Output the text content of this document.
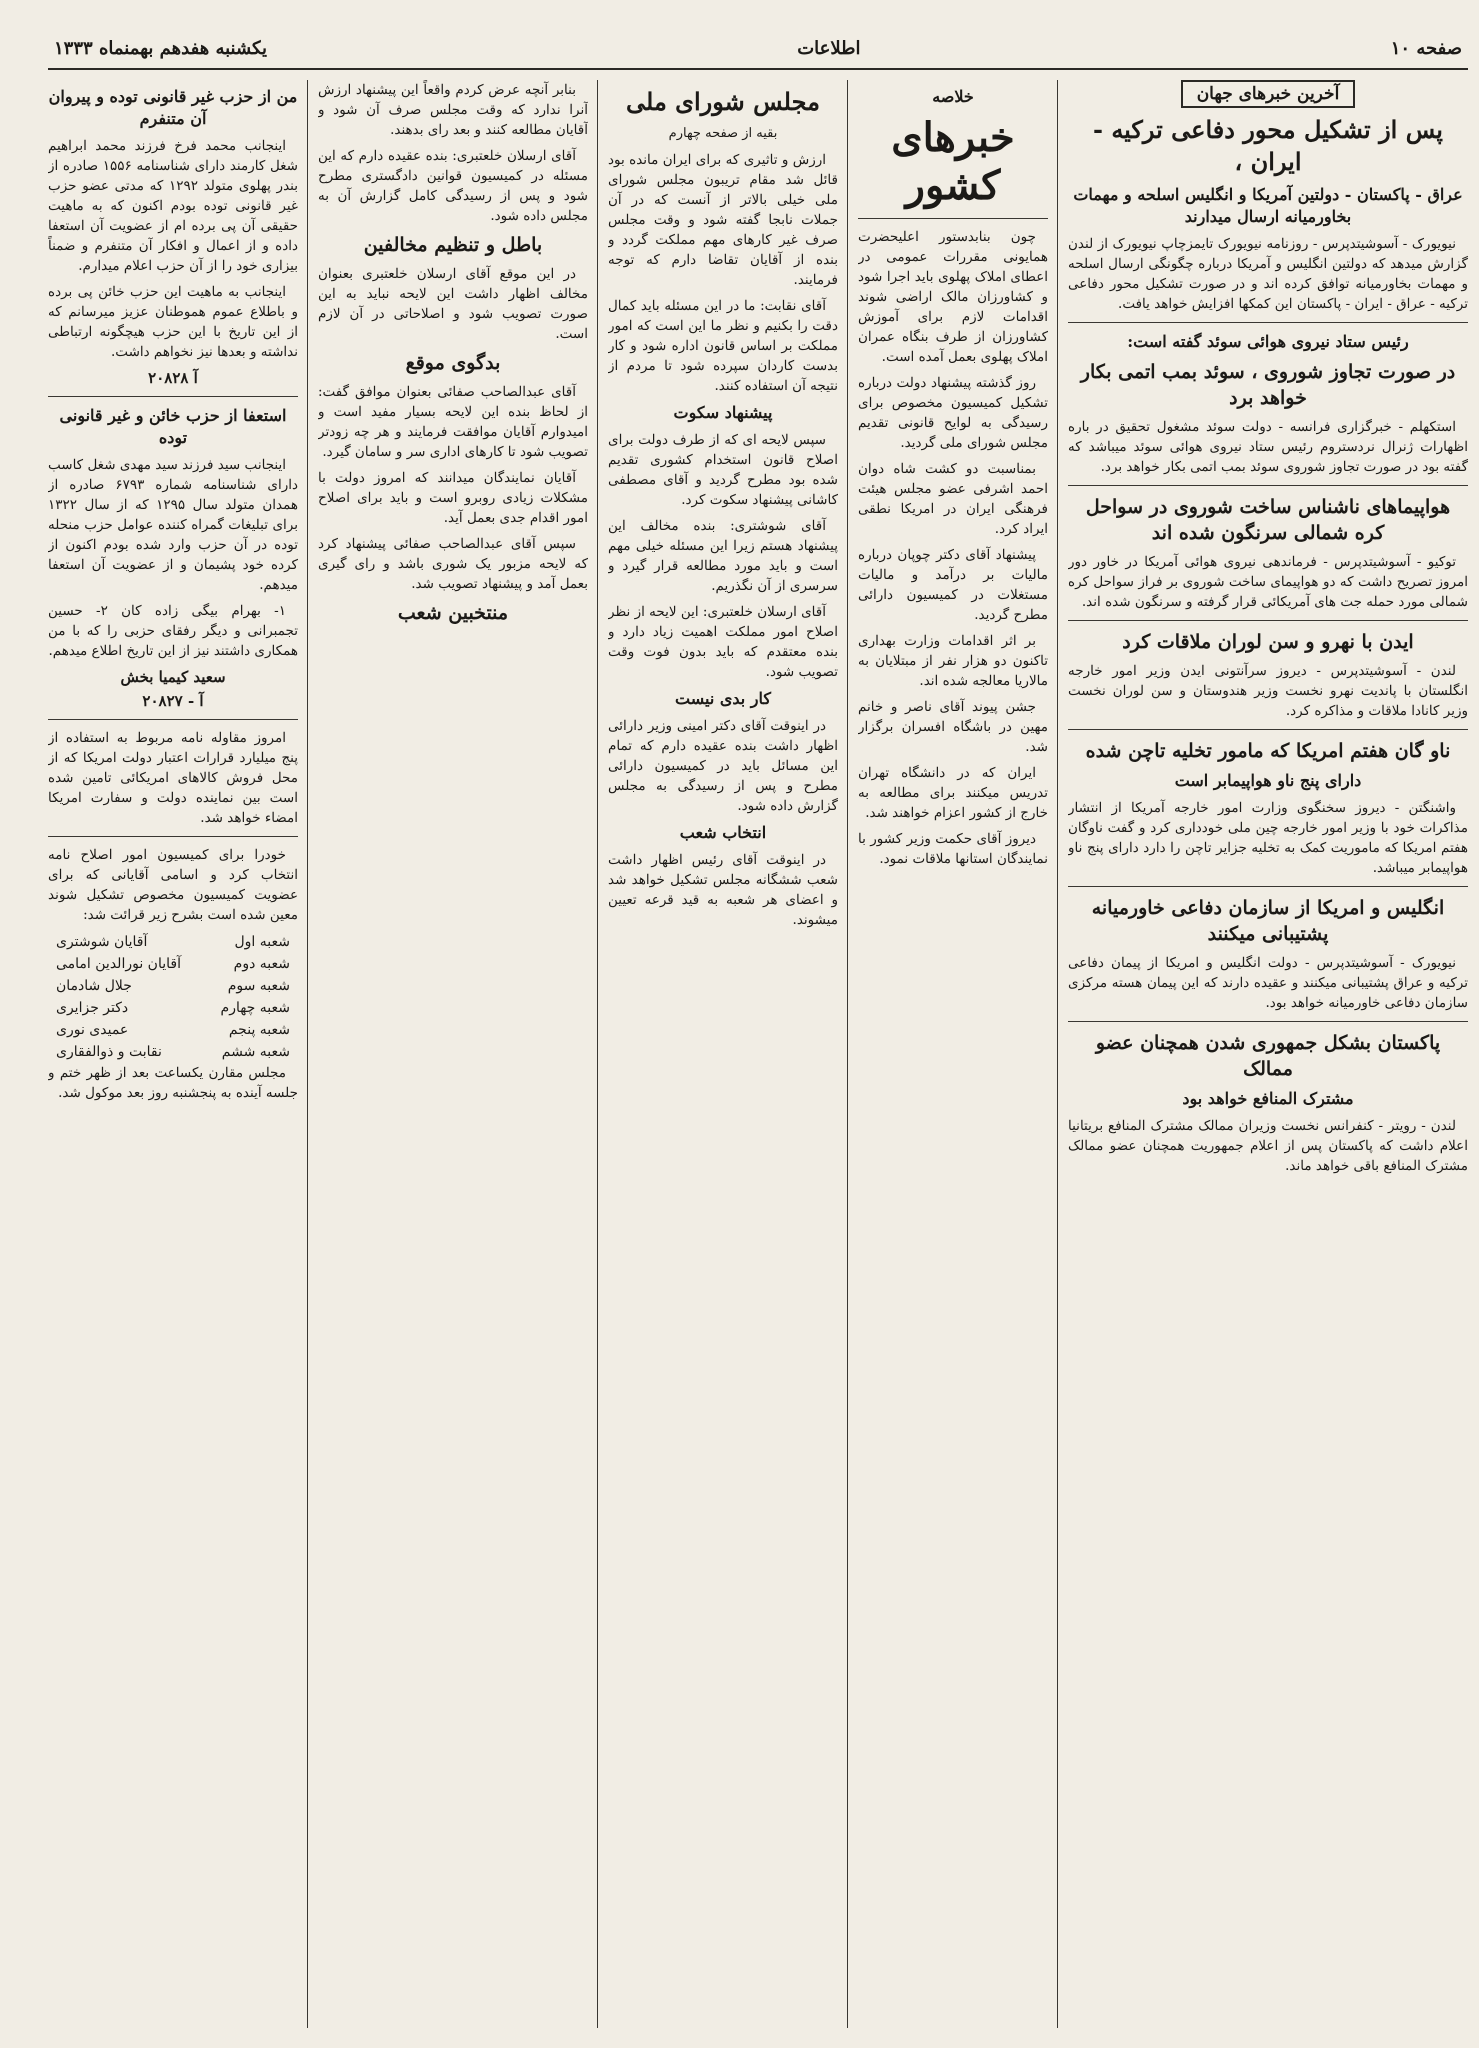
صفحه ۱۰
اطلاعات
یکشنبه هفدهم بهمنماه ۱۳۳۳
آخرین خبرهای جهان
پس از تشکیل محور دفاعی ترکیه - ایران ،
عراق - پاکستان - دولتین آمریکا و انگلیس اسلحه و مهمات بخاورمیانه ارسال میدارند

نیویورک - آسوشیتدپرس - روزنامه نیویورک تایمزچاپ نیویورک از لندن گزارش میدهد که دولتین انگلیس و آمریکا درباره چگونگی ارسال اسلحه و مهمات بخاورمیانه توافق کرده اند و در صورت تشکیل محور دفاعی ترکیه - عراق - ایران - پاکستان این کمکها افزایش خواهد یافت.

رئیس ستاد نیروی هوائی سوئد گفته است:
در صورت تجاوز شوروی ، سوئد بمب اتمی بکار خواهد برد

استکهلم - خبرگزاری فرانسه - دولت سوئد مشغول تحقیق در باره اظهارات ژنرال نردستروم رئیس ستاد نیروی هوائی سوئد میباشد که گفته بود در صورت تجاوز شوروی سوئد بمب اتمی بکار خواهد برد.

هواپیماهای ناشناس ساخت شوروی در سواحل کره شمالی سرنگون شده اند

توکیو - آسوشیتدپرس - فرماندهی نیروی هوائی آمریکا در خاور دور امروز تصریح داشت که دو هواپیمای ساخت شوروی بر فراز سواحل کره شمالی مورد حمله جت های آمریکائی قرار گرفته و سرنگون شده اند.

ایدن با نهرو و سن لوران ملاقات کرد

لندن - آسوشیتدپرس - دیروز سرآنتونی ایدن وزیر امور خارجه انگلستان با پاندیت نهرو نخست وزیر هندوستان و سن لوران نخست وزیر کانادا ملاقات و مذاکره کرد.

ناو گان هفتم امریکا که مامور تخلیه تاچن شده
دارای پنج ناو هواپیمابر است

واشنگتن - دیروز سخنگوی وزارت امور خارجه آمریکا از انتشار مذاکرات خود با وزیر امور خارجه چین ملی خودداری کرد و گفت ناوگان هفتم امریکا که ماموریت کمک به تخلیه جزایر تاچن را دارد دارای پنج ناو هواپیمابر میباشد.

انگلیس و امریکا از سازمان دفاعی خاورمیانه پشتیبانی میکنند

نیویورک - آسوشیتدپرس - دولت انگلیس و امریکا از پیمان دفاعی ترکیه و عراق پشتیبانی میکنند و عقیده دارند که این پیمان هسته مرکزی سازمان دفاعی خاورمیانه خواهد بود.

پاکستان بشکل جمهوری شدن همچنان عضو ممالک
مشترک المنافع خواهد بود

لندن - رویتر - کنفرانس نخست وزیران ممالک مشترک المنافع بریتانیا اعلام داشت که پاکستان پس از اعلام جمهوریت همچنان عضو ممالک مشترک المنافع باقی خواهد ماند.

خلاصه
خبرهای کشور

چون بنابدستور اعلیحضرت همایونی مقررات عمومی در اعطای املاک پهلوی باید اجرا شود و کشاورزان مالک اراضی شوند اقدامات لازم برای آموزش کشاورزان از طرف بنگاه عمران املاک پهلوی بعمل آمده است.

روز گذشته پیشنهاد دولت درباره تشکیل کمیسیون مخصوص برای رسیدگی به لوایح قانونی تقدیم مجلس شورای ملی گردید.

بمناسبت دو کشت شاه دوان احمد اشرفی عضو مجلس هیئت فرهنگی ایران در امریکا نطقی ایراد کرد.

پیشنهاد آقای دکتر چوپان درباره مالیات بر درآمد و مالیات مستغلات در کمیسیون دارائی مطرح گردید.

بر اثر اقدامات وزارت بهداری تاکنون دو هزار نفر از مبتلایان به مالاریا معالجه شده اند.

جشن پیوند آقای ناصر و خانم مهین در باشگاه افسران برگزار شد.

ایران که در دانشگاه تهران تدریس میکنند برای مطالعه به خارج از کشور اعزام خواهند شد.

دیروز آقای حکمت وزیر کشور با نمایندگان استانها ملاقات نمود.

مجلس شورای ملی
بقیه از صفحه چهارم

ارزش و تاثیری که برای ایران مانده بود قائل شد مقام تریبون مجلس شورای ملی خیلی بالاتر از آنست که در آن جملات نابجا گفته شود و وقت مجلس صرف غیر کارهای مهم مملکت گردد و بنده از آقایان تقاضا دارم که توجه فرمایند.

آقای نقابت: ما در این مسئله باید کمال دقت را بکنیم و نظر ما این است که امور مملکت بر اساس قانون اداره شود و کار بدست کاردان سپرده شود تا مردم از نتیجه آن استفاده کنند.

پیشنهاد سکوت

سپس لایحه ای که از طرف دولت برای اصلاح قانون استخدام کشوری تقدیم شده بود مطرح گردید و آقای مصطفی کاشانی پیشنهاد سکوت کرد.

آقای شوشتری: بنده مخالف این پیشنهاد هستم زیرا این مسئله خیلی مهم است و باید مورد مطالعه قرار گیرد و سرسری از آن نگذریم.

آقای ارسلان خلعتبری: این لایحه از نظر اصلاح امور مملکت اهمیت زیاد دارد و بنده معتقدم که باید بدون فوت وقت تصویب شود.

کار بدی نیست

در اینوقت آقای دکتر امینی وزیر دارائی اظهار داشت بنده عقیده دارم که تمام این مسائل باید در کمیسیون دارائی مطرح و پس از رسیدگی به مجلس گزارش داده شود.

انتخاب شعب

در اینوقت آقای رئیس اظهار داشت شعب ششگانه مجلس تشکیل خواهد شد و اعضای هر شعبه به قید قرعه تعیین میشوند.

بنابر آنچه عرض کردم واقعاً این پیشنهاد ارزش آنرا ندارد که وقت مجلس صرف آن شود و آقایان مطالعه کنند و بعد رای بدهند.

آقای ارسلان خلعتبری: بنده عقیده دارم که این مسئله در کمیسیون قوانین دادگستری مطرح شود و پس از رسیدگی کامل گزارش آن به مجلس داده شود.

باطل و تنظیم مخالفین

در این موقع آقای ارسلان خلعتبری بعنوان مخالف اظهار داشت این لایحه نباید به این صورت تصویب شود و اصلاحاتی در آن لازم است.

بدگوی موقع

آقای عبدالصاحب صفائی بعنوان موافق گفت: از لحاظ بنده این لایحه بسیار مفید است و امیدوارم آقایان موافقت فرمایند و هر چه زودتر تصویب شود تا کارهای اداری سر و سامان گیرد.

آقایان نمایندگان میدانند که امروز دولت با مشکلات زیادی روبرو است و باید برای اصلاح امور اقدام جدی بعمل آید.

سپس آقای عبدالصاحب صفائی پیشنهاد کرد که لایحه مزبور یک شوری باشد و رای گیری بعمل آمد و پیشنهاد تصویب شد.

منتخبین شعب
من از حزب غیر قانونی توده و پیروان آن متنفرم

اینجانب محمد فرخ فرزند محمد ابراهیم شغل کارمند دارای شناسنامه ۱۵۵۶ صادره از بندر پهلوی متولد ۱۲۹۲ که مدتی عضو حزب غیر قانونی توده بودم اکنون که به ماهیت حقیقی آن پی برده ام از عضویت آن استعفا داده و از اعمال و افکار آن متنفرم و ضمناً بیزاری خود را از آن حزب اعلام میدارم.

اینجانب به ماهیت این حزب خائن پی برده و باطلاع عموم هموطنان عزیز میرسانم که از این تاریخ با این حزب هیچگونه ارتباطی نداشته و بعدها نیز نخواهم داشت.

آ ۲۰۸۲۸
استعفا از حزب خائن و غیر قانونی توده

اینجانب سید فرزند سید مهدی شغل کاسب دارای شناسنامه شماره ۶۷۹۳ صادره از همدان متولد سال ۱۲۹۵ که از سال ۱۳۲۲ برای تبلیغات گمراه کننده عوامل حزب منحله توده در آن حزب وارد شده بودم اکنون از کرده خود پشیمان و از عضویت آن استعفا میدهم.

۱- بهرام بیگی زاده کان ۲- حسین تجمبرانی و دیگر رفقای حزبی را که با من همکاری داشتند نیز از این تاریخ اطلاع میدهم.

سعید کیمیا بخش
آ - ۲۰۸۲۷

امروز مقاوله نامه مربوط به استفاده از پنج میلیارد قرارات اعتبار دولت امریکا که از محل فروش کالاهای امریکائی تامین شده است بین نماینده دولت و سفارت امریکا امضاء خواهد شد.

خودرا برای کمیسیون امور اصلاح نامه انتخاب کرد و اسامی آقایانی که برای عضویت کمیسیون مخصوص تشکیل شوند معین شده است بشرح زیر قرائت شد:

شعبه اول
آقایان شوشتری
شعبه دوم
آقایان نورالدین امامی
شعبه سوم
جلال شادمان
شعبه چهارم
دکتر جزایری
شعبه پنجم
عمیدی نوری
شعبه ششم
نقابت و ذوالفقاری

مجلس مقارن یکساعت بعد از ظهر ختم و جلسه آینده به پنجشنبه روز بعد موکول شد.
